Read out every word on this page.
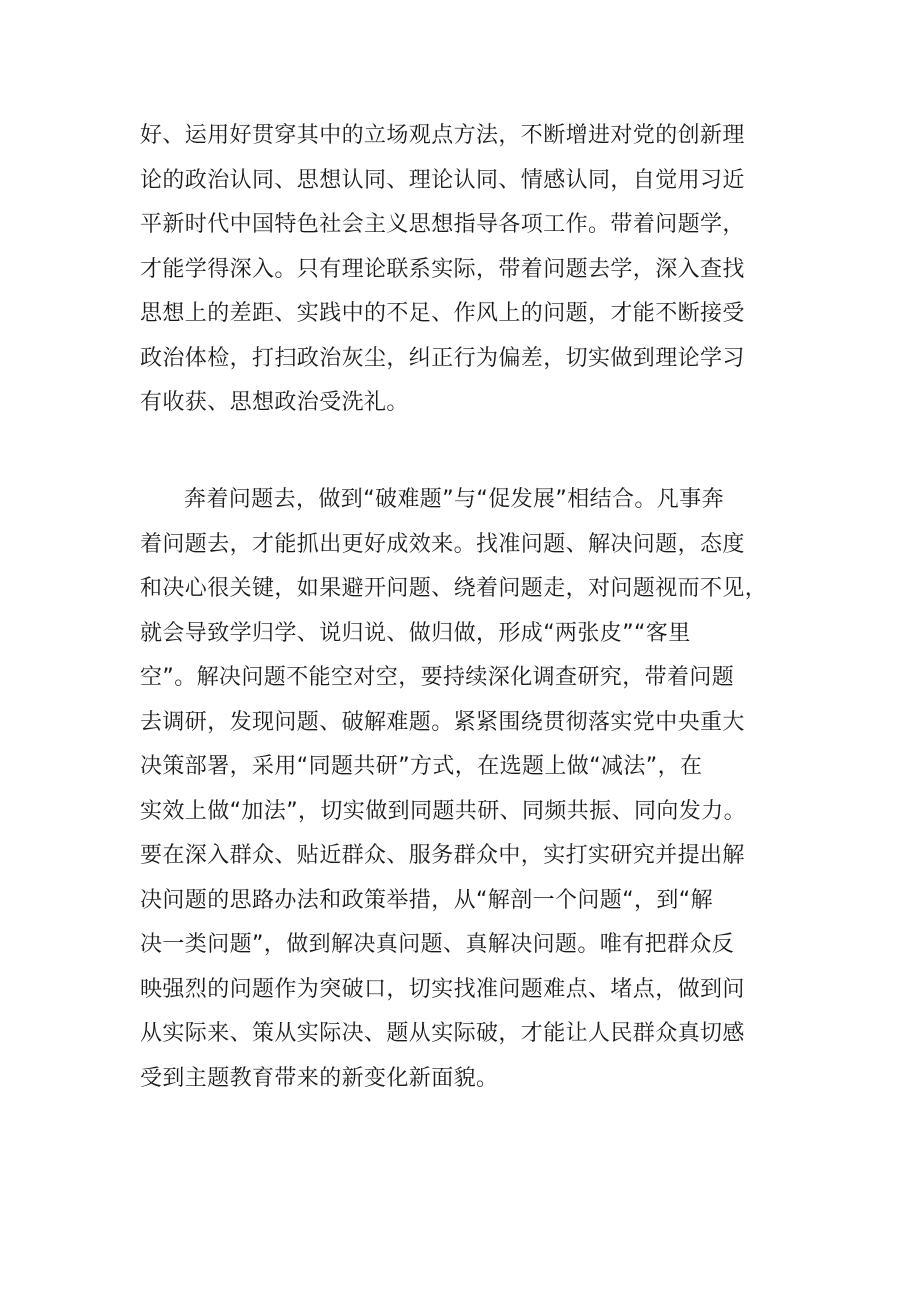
好、运用好贯穿其中的立场观点方法，不断增进对党的创新理
论的政治认同、思想认同、理论认同、情感认同，自觉用习近
平新时代中国特色社会主义思想指导各项工作。带着问题学，
才能学得深入。只有理论联系实际，带着问题去学，深入查找
思想上的差距、实践中的不足、作风上的问题，才能不断接受
政治体检，打扫政治灰尘，纠正行为偏差，切实做到理论学习
有收获、思想政治受洗礼。
奔着问题去，做到“破难题”与“促发展”相结合。凡事奔
着问题去，才能抓出更好成效来。找准问题、解决问题，态度
和决心很关键，如果避开问题、绕着问题走，对问题视而不见，
就会导致学归学、说归说、做归做，形成“两张皮”“客里
空”。解决问题不能空对空，要持续深化调查研究，带着问题
去调研，发现问题、破解难题。紧紧围绕贯彻落实党中央重大
决策部署，采用“同题共研”方式，在选题上做“减法”，在
实效上做“加法”，切实做到同题共研、同频共振、同向发力。
要在深入群众、贴近群众、服务群众中，实打实研究并提出解
决问题的思路办法和政策举措，从“解剖一个问题“，到“解
决一类问题”，做到解决真问题、真解决问题。唯有把群众反
映强烈的问题作为突破口，切实找准问题难点、堵点，做到问
从实际来、策从实际决、题从实际破，才能让人民群众真切感
受到主题教育带来的新变化新面貌。
